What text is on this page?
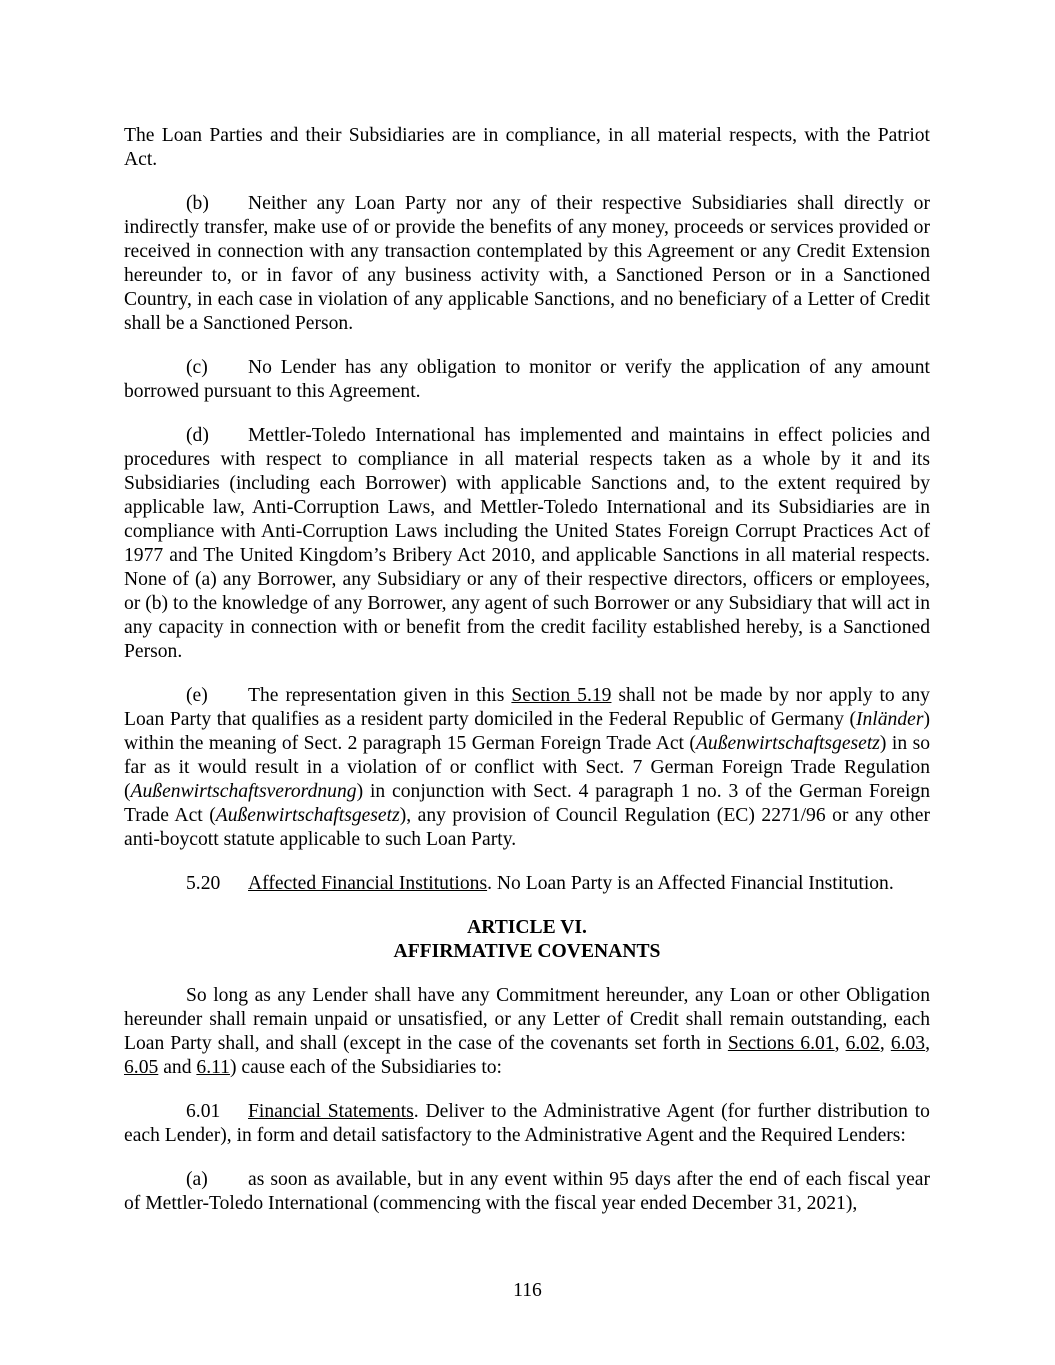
The Loan Parties and their Subsidiaries are in compliance, in all material respects, with the Patriot Act.

(b) Neither any Loan Party nor any of their respective Subsidiaries shall directly or indirectly transfer, make use of or provide the benefits of any money, proceeds or services provided or received in connection with any transaction contemplated by this Agreement or any Credit Extension hereunder to, or in favor of any business activity with, a Sanctioned Person or in a Sanctioned Country, in each case in violation of any applicable Sanctions, and no beneficiary of a Letter of Credit shall be a Sanctioned Person.

(c) No Lender has any obligation to monitor or verify the application of any amount borrowed pursuant to this Agreement.

(d) Mettler-Toledo International has implemented and maintains in effect policies and procedures with respect to compliance in all material respects taken as a whole by it and its Subsidiaries (including each Borrower) with applicable Sanctions and, to the extent required by applicable law, Anti-Corruption Laws, and Mettler-Toledo International and its Subsidiaries are in compliance with Anti-Corruption Laws including the United States Foreign Corrupt Practices Act of 1977 and The United Kingdom’s Bribery Act 2010, and applicable Sanctions in all material respects. None of (a) any Borrower, any Subsidiary or any of their respective directors, officers or employees, or (b) to the knowledge of any Borrower, any agent of such Borrower or any Subsidiary that will act in any capacity in connection with or benefit from the credit facility established hereby, is a Sanctioned Person.

(e) The representation given in this Section 5.19 shall not be made by nor apply to any Loan Party that qualifies as a resident party domiciled in the Federal Republic of Germany (Inländer) within the meaning of Sect. 2 paragraph 15 German Foreign Trade Act (Außenwirtschaftsgesetz) in so far as it would result in a violation of or conflict with Sect. 7 German Foreign Trade Regulation (Außenwirtschaftsverordnung) in conjunction with Sect. 4 paragraph 1 no. 3 of the German Foreign Trade Act (Außenwirtschaftsgesetz), any provision of Council Regulation (EC) 2271/96 or any other anti-boycott statute applicable to such Loan Party.

5.20 Affected Financial Institutions. No Loan Party is an Affected Financial Institution.

ARTICLE VI.
AFFIRMATIVE COVENANTS

So long as any Lender shall have any Commitment hereunder, any Loan or other Obligation hereunder shall remain unpaid or unsatisfied, or any Letter of Credit shall remain outstanding, each Loan Party shall, and shall (except in the case of the covenants set forth in Sections 6.01, 6.02, 6.03, 6.05 and 6.11) cause each of the Subsidiaries to:

6.01 Financial Statements. Deliver to the Administrative Agent (for further distribution to each Lender), in form and detail satisfactory to the Administrative Agent and the Required Lenders:

(a) as soon as available, but in any event within 95 days after the end of each fiscal year of Mettler-Toledo International (commencing with the fiscal year ended December 31, 2021),

116
